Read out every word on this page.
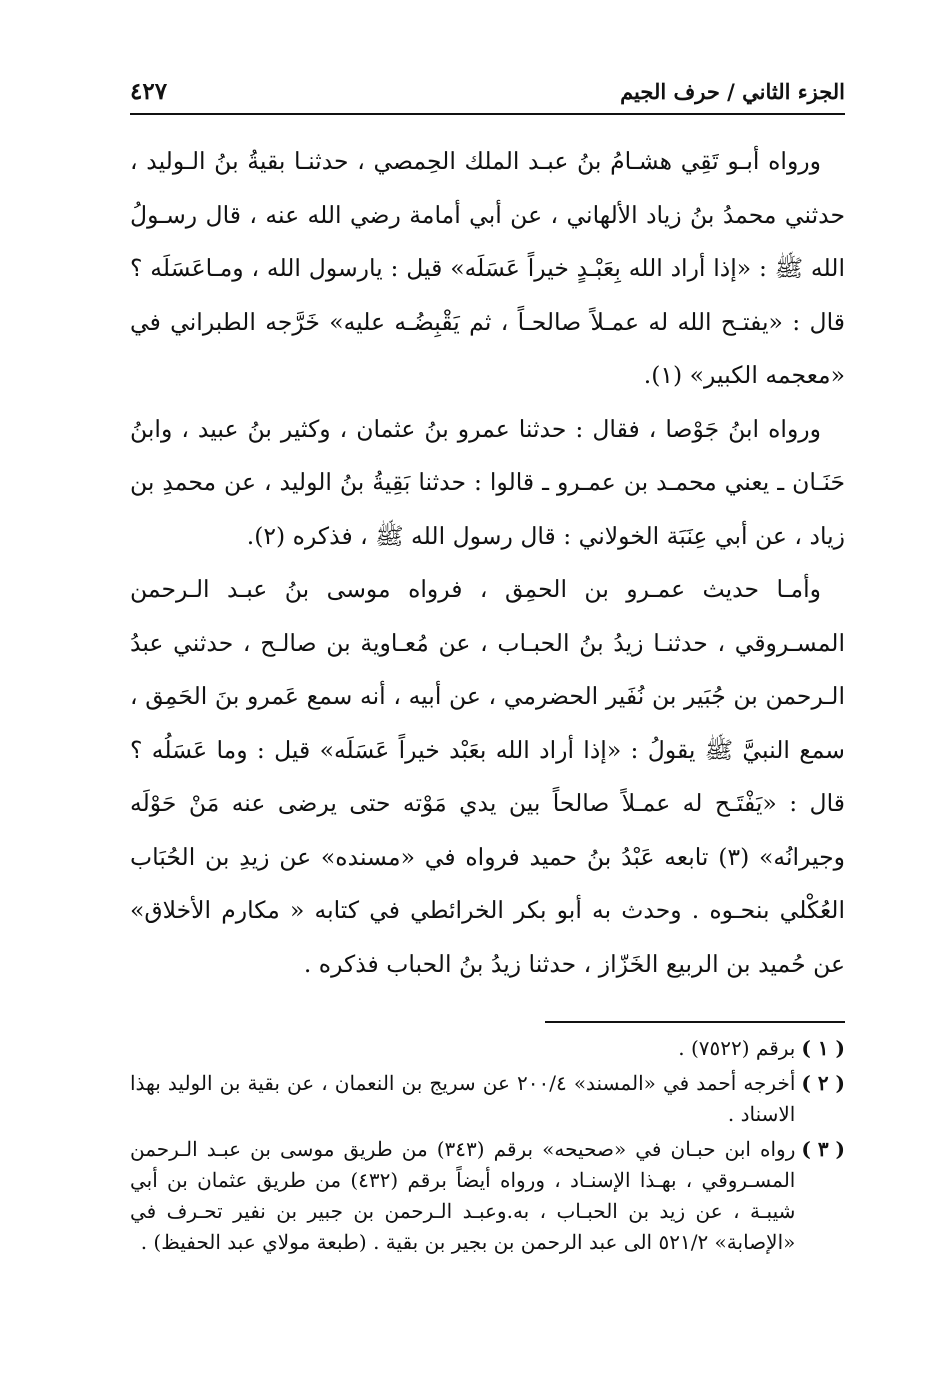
الجزء الثاني / حرف الجيم
٤٢٧

ورواه أبـو تَقِي هشـامُ بنُ عبـد الملك الحِمصي ، حدثنـا بقيةُ بنُ الـوليد ، حدثني محمدُ بنُ زياد الألهاني ، عن أبي أمامة رضي الله عنه ، قال رسـولُ الله ﷺ : «إذا أراد الله بِعَبْـدٍ خيراً عَسَلَه» قيل : يارسول الله ، ومـاعَسَلَه ؟ قال : «يفتـح الله له عمـلاً صالحـاً ، ثم يَقْبِضُـه عليه» خَرَّجه الطبراني في «معجمه الكبير» (١).

ورواه ابنُ جَوْصا ، فقال : حدثنا عمرو بنُ عثمان ، وكثير بنُ عبيد ، وابنُ حَنَـان ـ يعني محمـد بن عمـرو ـ قالوا : حدثنا بَقِيةُ بنُ الوليد ، عن محمدِ بن زياد ، عن أبي عِنَبَة الخولاني : قال رسول الله ﷺ ، فذكره (٢).

وأمـا حديث عمـرو بن الحمِق ، فرواه موسى بنُ عبـد الـرحمن المسـروقي ، حدثنـا زيدُ بنُ الحبـاب ، عن مُعـاوية بن صالـح ، حدثني عبدُ الـرحمن بن جُبَير بن نُفَير الحضرمي ، عن أبيه ، أنه سمع عَمرو بنَ الحَمِق ، سمع النبيَّ ﷺ يقولُ : «إذا أراد الله بعَبْد خيراً عَسَلَه» قيل : وما عَسَلُه ؟ قال : «يَفْتَـح له عمـلاً صالحاً بين يدي مَوْته حتى يرضى عنه مَنْ حَوْلَه وجيرانُه» (٣) تابعه عَبْدُ بنُ حميد فرواه في «مسنده» عن زيدِ بن الحُبَاب العُكْلي بنحـوه . وحدث به أبو بكر الخرائطي في كتابه « مكارم الأخلاق» عن حُميد بن الربيع الخَزّاز ، حدثنا زيدُ بنُ الحباب فذكره .

( ١ )
برقم (٧٥٢٢) .
( ٢ )
أخرجه أحمد في «المسند» ٢٠٠/٤ عن سريج بن النعمان ، عن بقية بن الوليد بهذا الاسناد .
( ٣ )
رواه ابن حبـان في «صحيحه» برقم (٣٤٣) من طريق موسى بن عبـد الـرحمن المسـروقي ، بهـذا الإسنـاد ، ورواه أيضاً برقم (٤٣٢) من طريق عثمان بن أبي شيبـة ، عن زيد بن الحبـاب ، به.وعبـد الـرحمن بن جبير بن نفير تحـرف في «الإصابة» ٥٢١/٢ الى عبد الرحمن بن بجير بن بقية . (طبعة مولاي عبد الحفيظ) .
